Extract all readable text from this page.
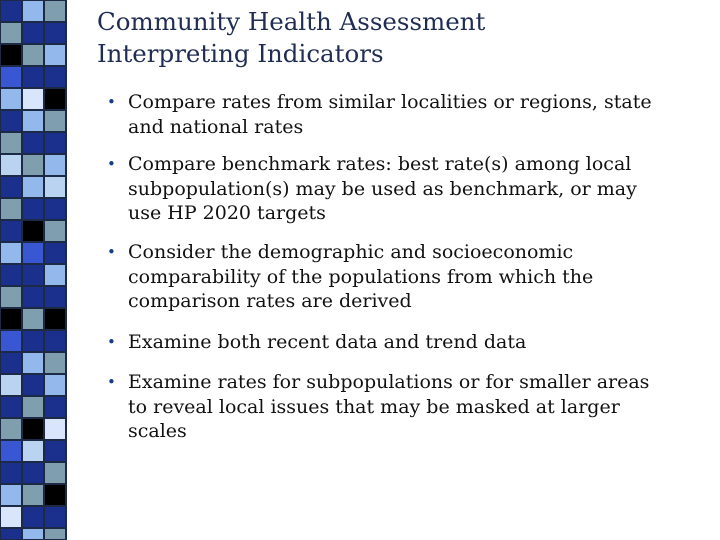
Community Health Assessment
Interpreting Indicators
• Compare rates from similar localities or regions, state
and national rates
• Compare benchmark rates: best rate(s) among local
subpopulation(s) may be used as benchmark, or may
use HP 2020 targets
• Consider the demographic and socioeconomic
comparability of the populations from which the
comparison rates are derived
• Examine both recent data and trend data
• Examine rates for subpopulations or for smaller areas
to reveal local issues that may be masked at larger
scales
